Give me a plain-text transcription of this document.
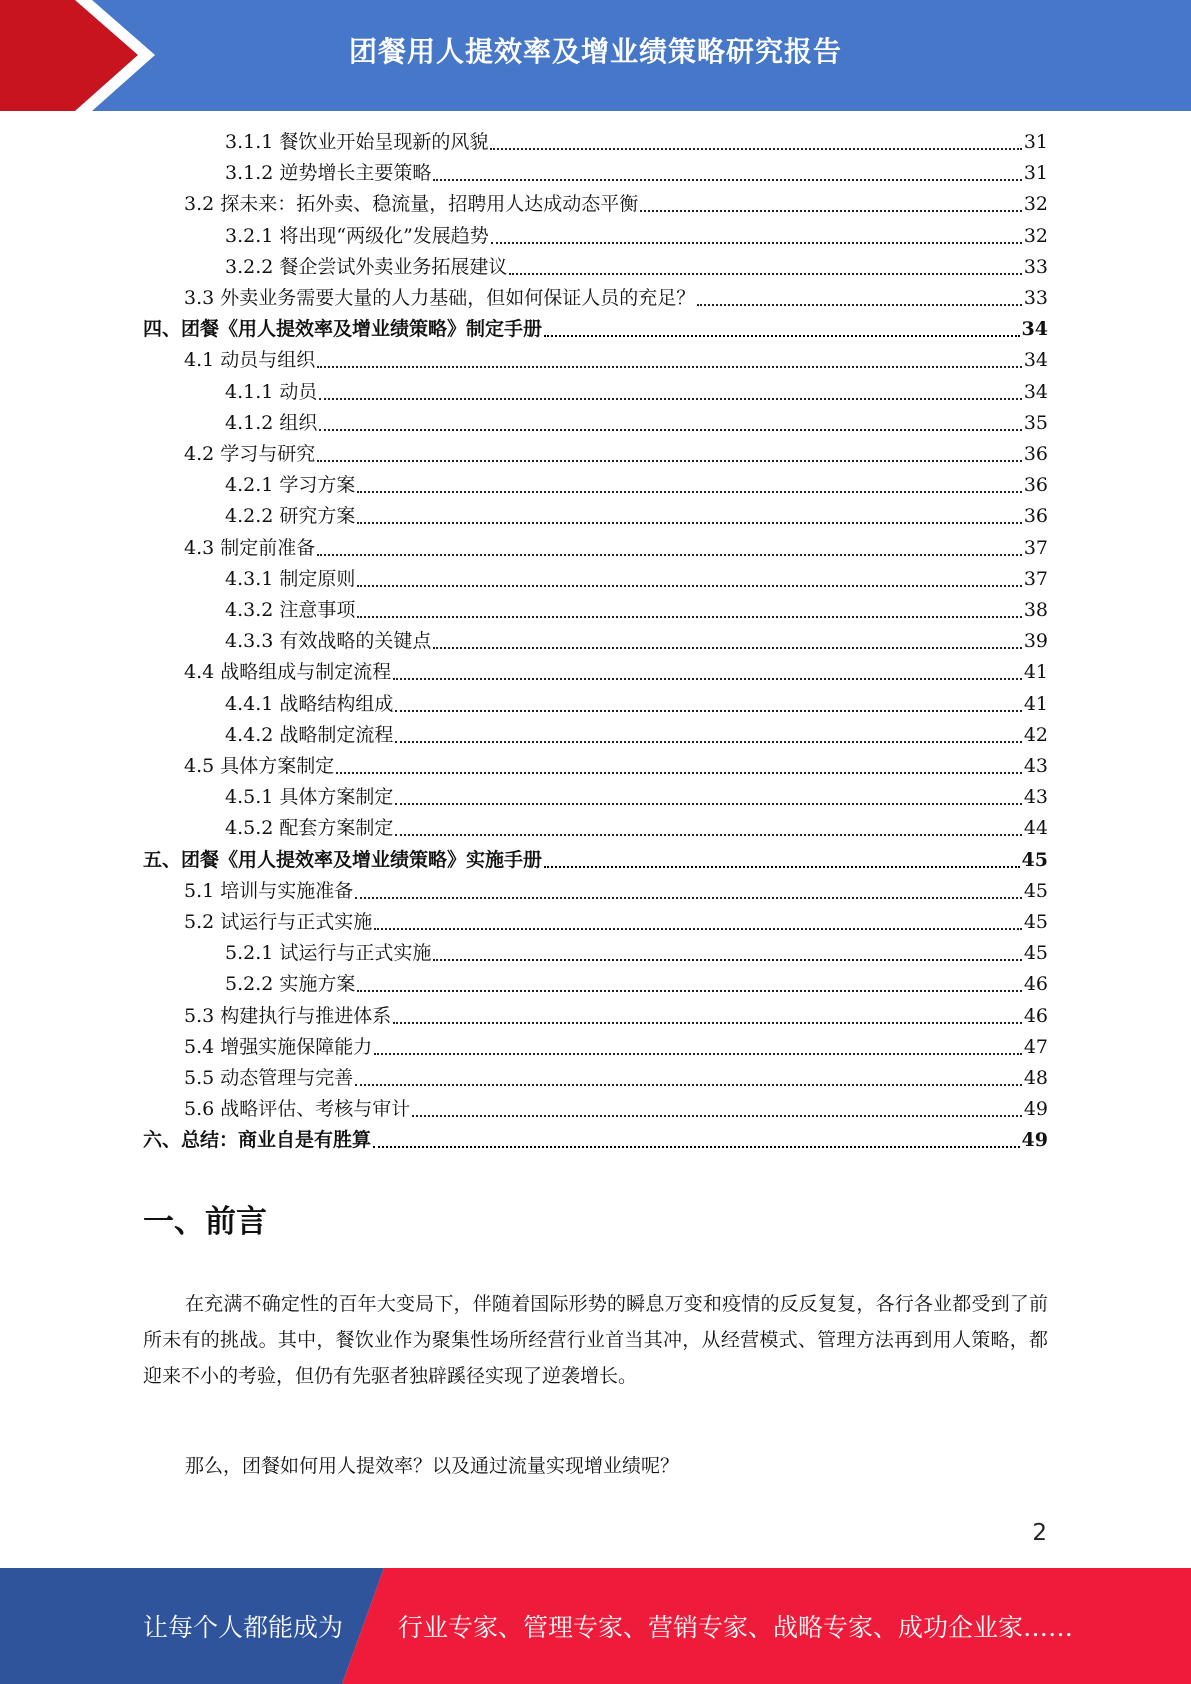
团餐用人提效率及增业绩策略研究报告
3.1.1 餐饮业开始呈现新的风貌	31
3.1.2 逆势增长主要策略	31
3.2 探未来：拓外卖、稳流量，招聘用人达成动态平衡	32
3.2.1 将出现“两级化”发展趋势	32
3.2.2 餐企尝试外卖业务拓展建议	33
3.3 外卖业务需要大量的人力基础，但如何保证人员的充足？	33
四、团餐《用人提效率及增业绩策略》制定手册	34
4.1 动员与组织	34
4.1.1 动员	34
4.1.2 组织	35
4.2 学习与研究	36
4.2.1 学习方案	36
4.2.2 研究方案	36
4.3 制定前准备	37
4.3.1 制定原则	37
4.3.2 注意事项	38
4.3.3 有效战略的关键点	39
4.4 战略组成与制定流程	41
4.4.1 战略结构组成	41
4.4.2 战略制定流程	42
4.5 具体方案制定	43
4.5.1 具体方案制定	43
4.5.2 配套方案制定	44
五、团餐《用人提效率及增业绩策略》实施手册	45
5.1 培训与实施准备	45
5.2 试运行与正式实施	45
5.2.1 试运行与正式实施	45
5.2.2 实施方案	46
5.3 构建执行与推进体系	46
5.4 增强实施保障能力	47
5.5 动态管理与完善	48
5.6 战略评估、考核与审计	49
六、总结：商业自是有胜算	49
一、前言

在充满不确定性的百年大变局下，伴随着国际形势的瞬息万变和疫情的反反复复，各行各业都受到了前所未有的挑战。其中，餐饮业作为聚集性场所经营行业首当其冲，从经营模式、管理方法再到用人策略，都迎来不小的考验，但仍有先驱者独辟蹊径实现了逆袭增长。

那么，团餐如何用人提效率？以及通过流量实现增业绩呢？

2
让每个人都能成为 行业专家、管理专家、营销专家、战略专家、成功企业家……
